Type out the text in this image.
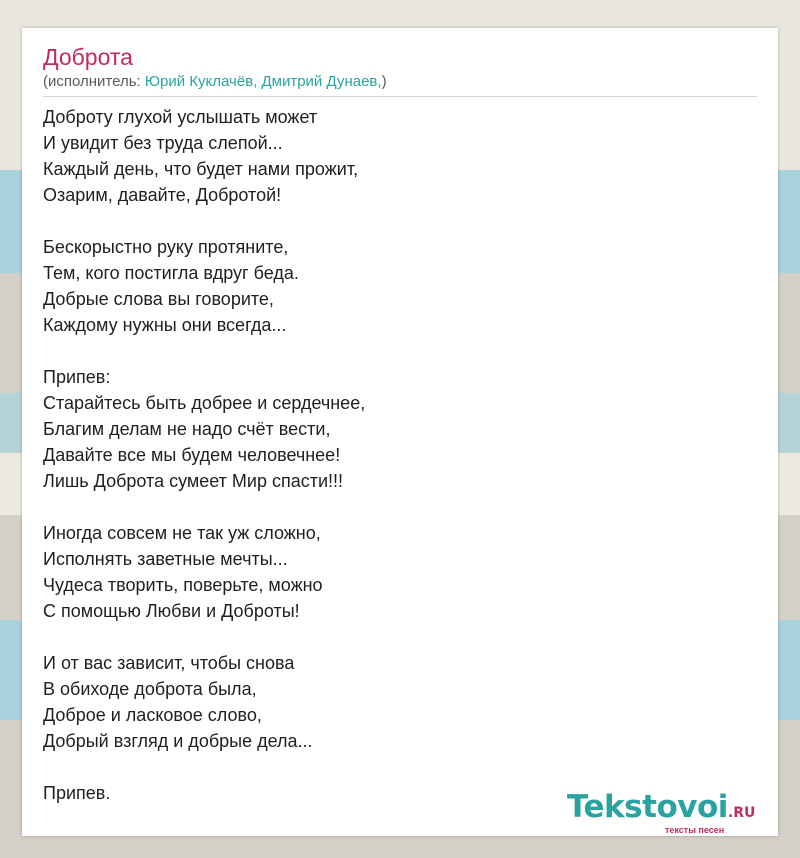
Доброта
(исполнитель: Юрий Куклачёв, Дмитрий Дунаев,)
Доброту глухой услышать может
И увидит без труда слепой...
Каждый день, что будет нами прожит,
Озарим, давайте, Добротой!
Бескорыстно руку протяните,
Тем, кого постигла вдруг беда.
Добрые слова вы говорите,
Каждому нужны они всегда...
Припев:
Старайтесь быть добрее и сердечнее,
Благим делам не надо счёт вести,
Давайте все мы будем человечнее!
Лишь Доброта сумеет Мир спасти!!!
Иногда совсем не так уж сложно,
Исполнять заветные мечты...
Чудеса творить, поверьте, можно
С помощью Любви и Доброты!
И от вас зависит, чтобы снова
В обиходе доброта была,
Доброе и ласковое слово,
Добрый взгляд и добрые дела...
Припев.	Tekstovoi.RU
тексты песен
